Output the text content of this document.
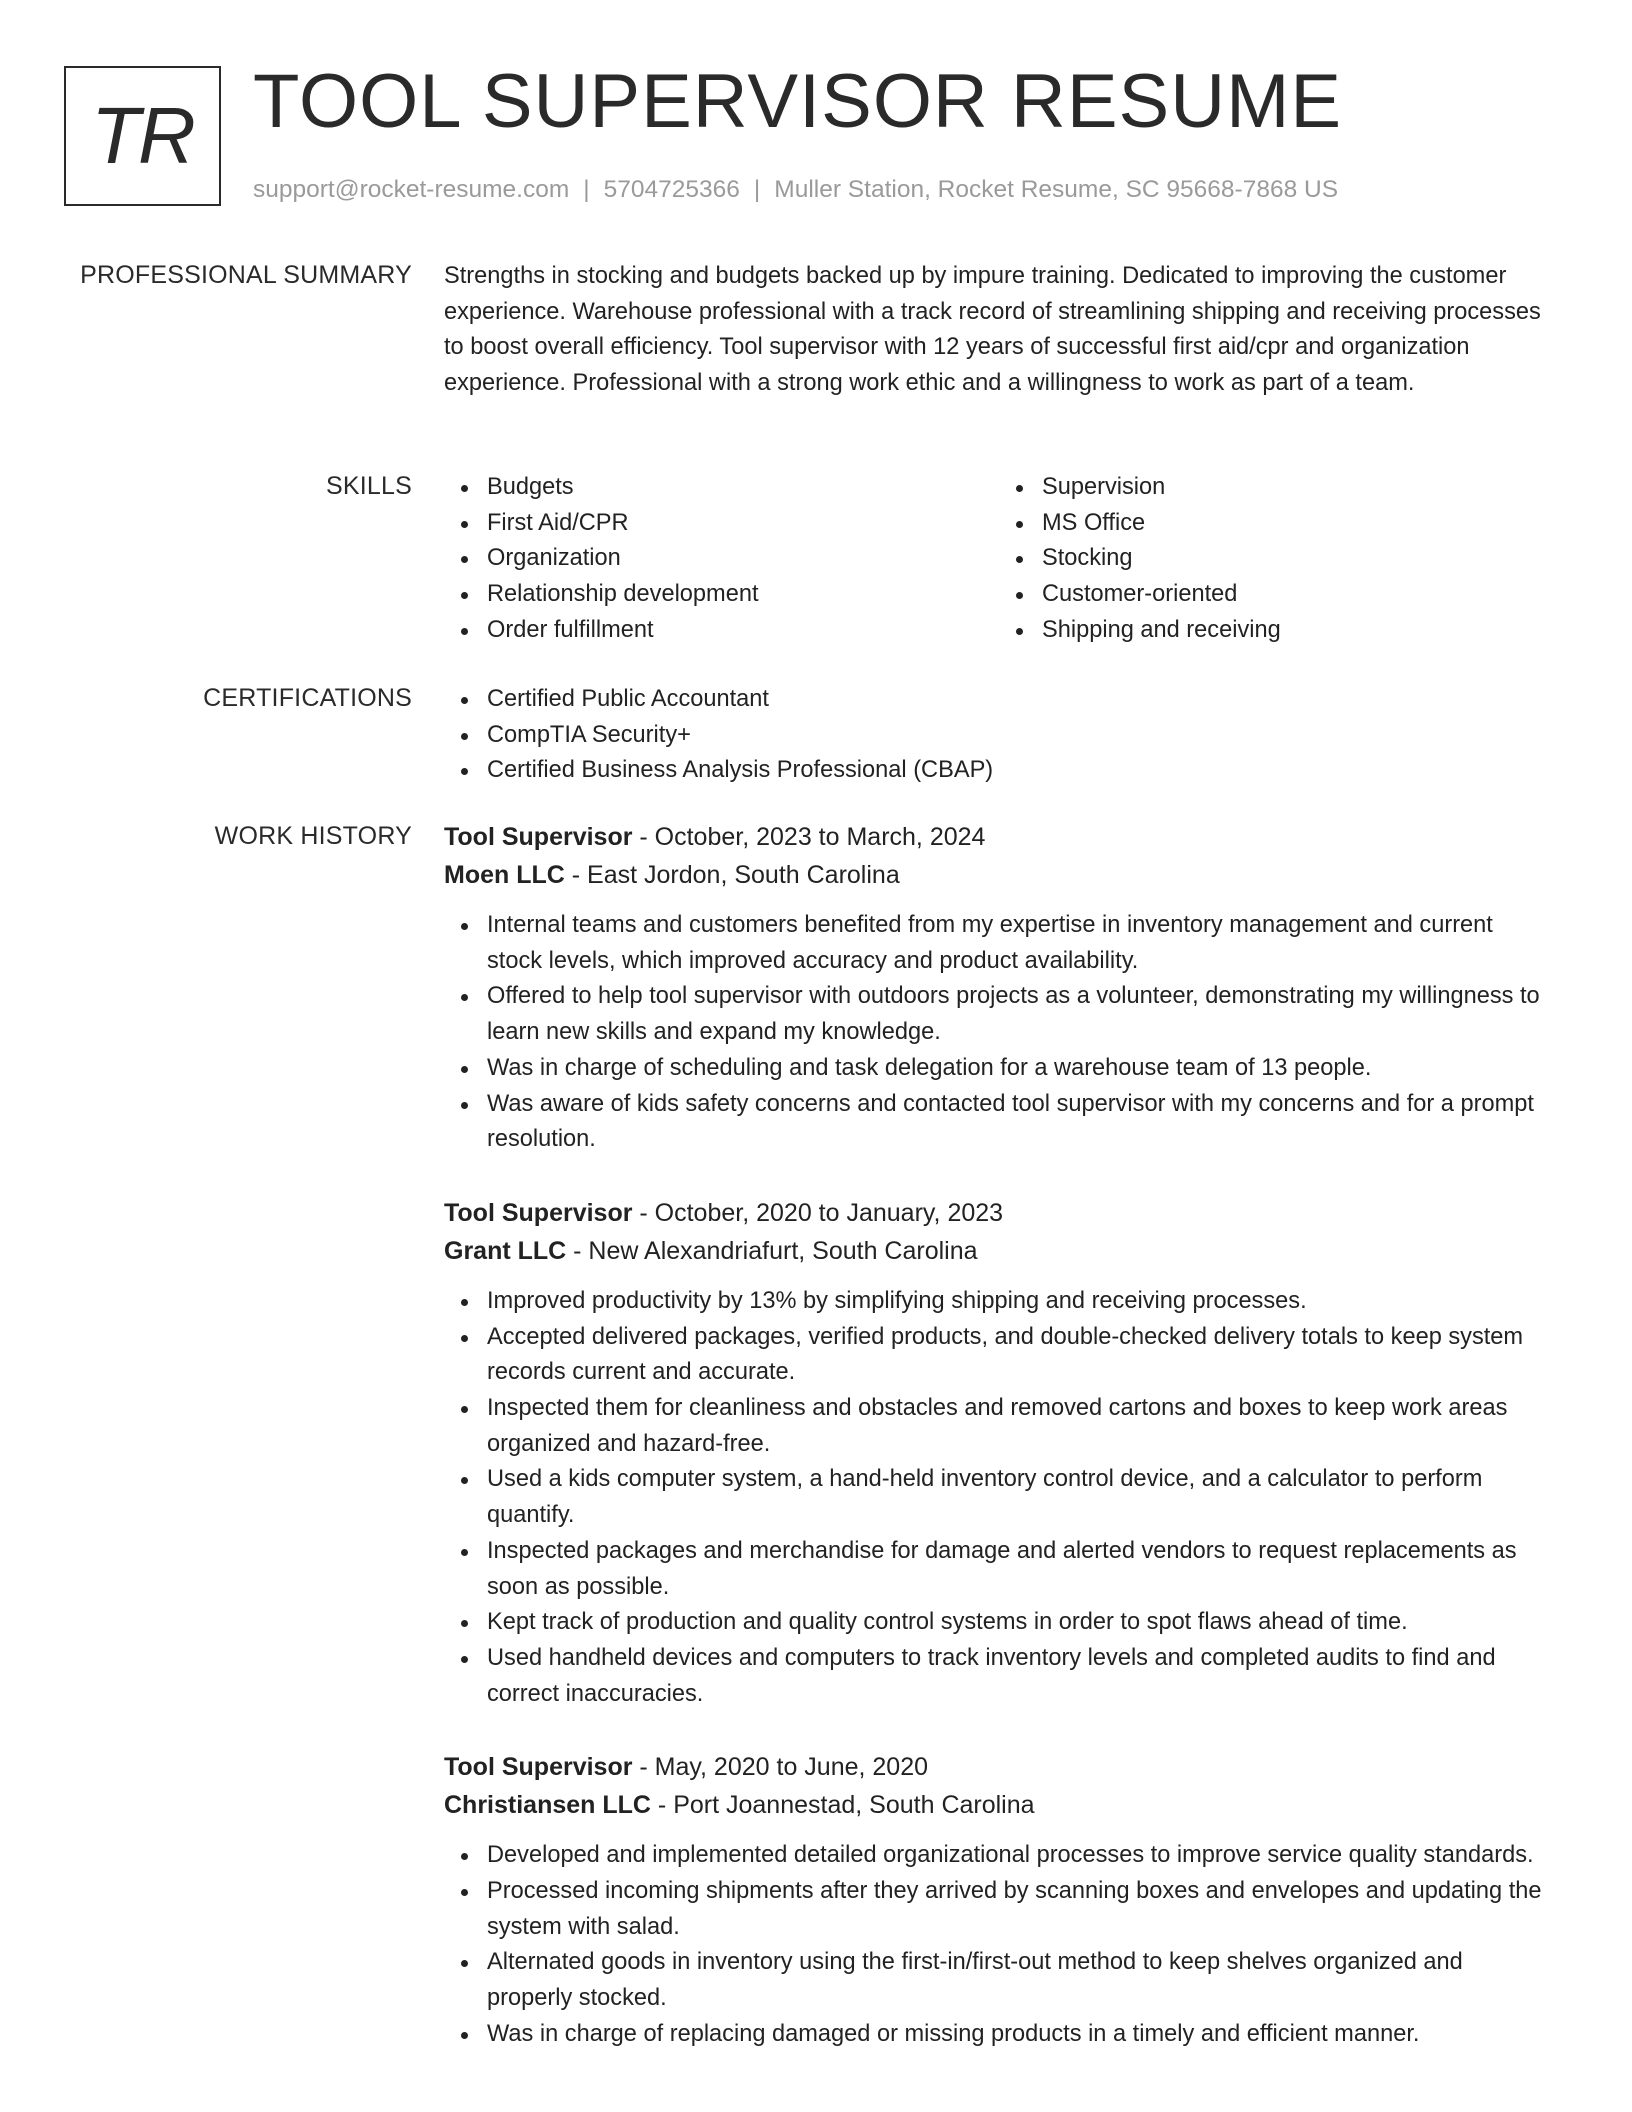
TR TOOL SUPERVISOR RESUME
support@rocket-resume.com | 5704725366 | Muller Station, Rocket Resume, SC 95668-7868 US
PROFESSIONAL SUMMARY Strengths in stocking and budgets backed up by impure training. Dedicated to improving the customer experience. Warehouse professional with a track record of streamlining shipping and receiving processes to boost overall efficiency. Tool supervisor with 12 years of successful first aid/cpr and organization experience. Professional with a strong work ethic and a willingness to work as part of a team.

SKILLS	Budgets
First Aid/CPR
Organization
Relationship development
Order fulfillment
Supervision
MS Office
Stocking
Customer-oriented
Shipping and receiving
CERTIFICATIONS	Certified Public Accountant
CompTIA Security+
Certified Business Analysis Professional (CBAP)
WORK HISTORY Tool Supervisor - October, 2023 to March, 2024
Moen LLC - East Jordon, South Carolina
Internal teams and customers benefited from my expertise in inventory management and current stock levels, which improved accuracy and product availability.
Offered to help tool supervisor with outdoors projects as a volunteer, demonstrating my willingness to learn new skills and expand my knowledge.
Was in charge of scheduling and task delegation for a warehouse team of 13 people.
Was aware of kids safety concerns and contacted tool supervisor with my concerns and for a prompt resolution.
Tool Supervisor - October, 2020 to January, 2023
Grant LLC - New Alexandriafurt, South Carolina
Improved productivity by 13% by simplifying shipping and receiving processes.
Accepted delivered packages, verified products, and double-checked delivery totals to keep system records current and accurate.
Inspected them for cleanliness and obstacles and removed cartons and boxes to keep work areas organized and hazard-free.
Used a kids computer system, a hand-held inventory control device, and a calculator to perform quantify.
Inspected packages and merchandise for damage and alerted vendors to request replacements as soon as possible.
Kept track of production and quality control systems in order to spot flaws ahead of time.
Used handheld devices and computers to track inventory levels and completed audits to find and correct inaccuracies.
Tool Supervisor - May, 2020 to June, 2020
Christiansen LLC - Port Joannestad, South Carolina
Developed and implemented detailed organizational processes to improve service quality standards.
Processed incoming shipments after they arrived by scanning boxes and envelopes and updating the system with salad.
Alternated goods in inventory using the first-in/first-out method to keep shelves organized and properly stocked.
Was in charge of replacing damaged or missing products in a timely and efficient manner.
